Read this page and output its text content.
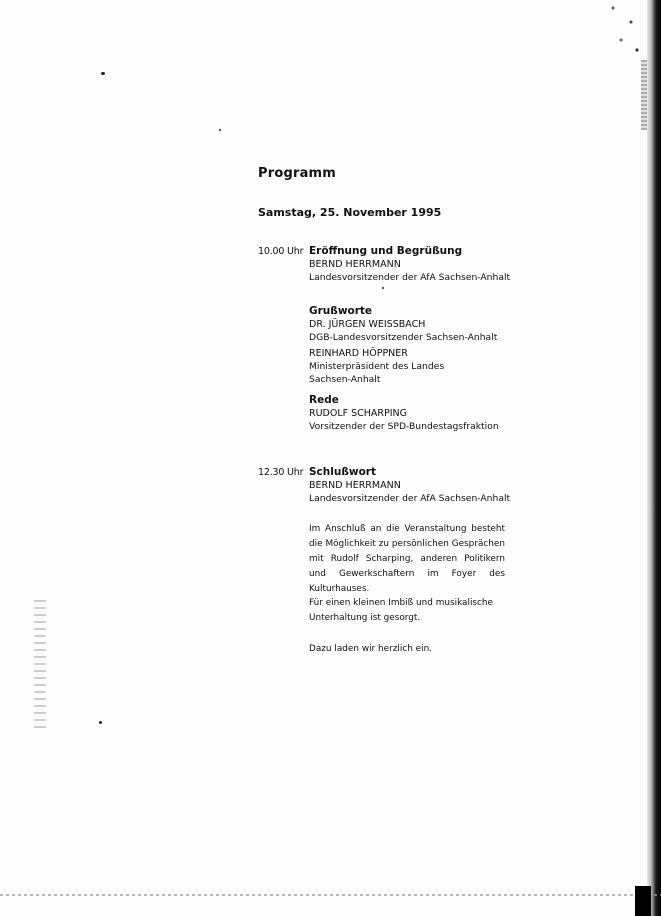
Programm
Samstag, 25. November 1995
10.00 Uhr Eröffnung und Begrüßung
BERND HERRMANN
Landesvorsitzender der AfA Sachsen-Anhalt
Grußworte
DR. JÜRGEN WEISSBACH
DGB-Landesvorsitzender Sachsen-Anhalt
REINHARD HÖPPNER
Ministerpräsident des Landes
Sachsen-Anhalt
Rede
RUDOLF SCHARPING
Vorsitzender der SPD-Bundestagsfraktion
12.30 Uhr Schlußwort
BERND HERRMANN
Landesvorsitzender der AfA Sachsen-Anhalt
Im Anschluß an die Veranstaltung besteht die Möglichkeit zu persönlichen Gesprächen mit Rudolf Scharping, anderen Politikern und Gewerkschaftern im Foyer des Kulturhauses.
Für einen kleinen Imbiß und musikalische
Unterhaltung ist gesorgt.
Dazu laden wir herzlich ein.
